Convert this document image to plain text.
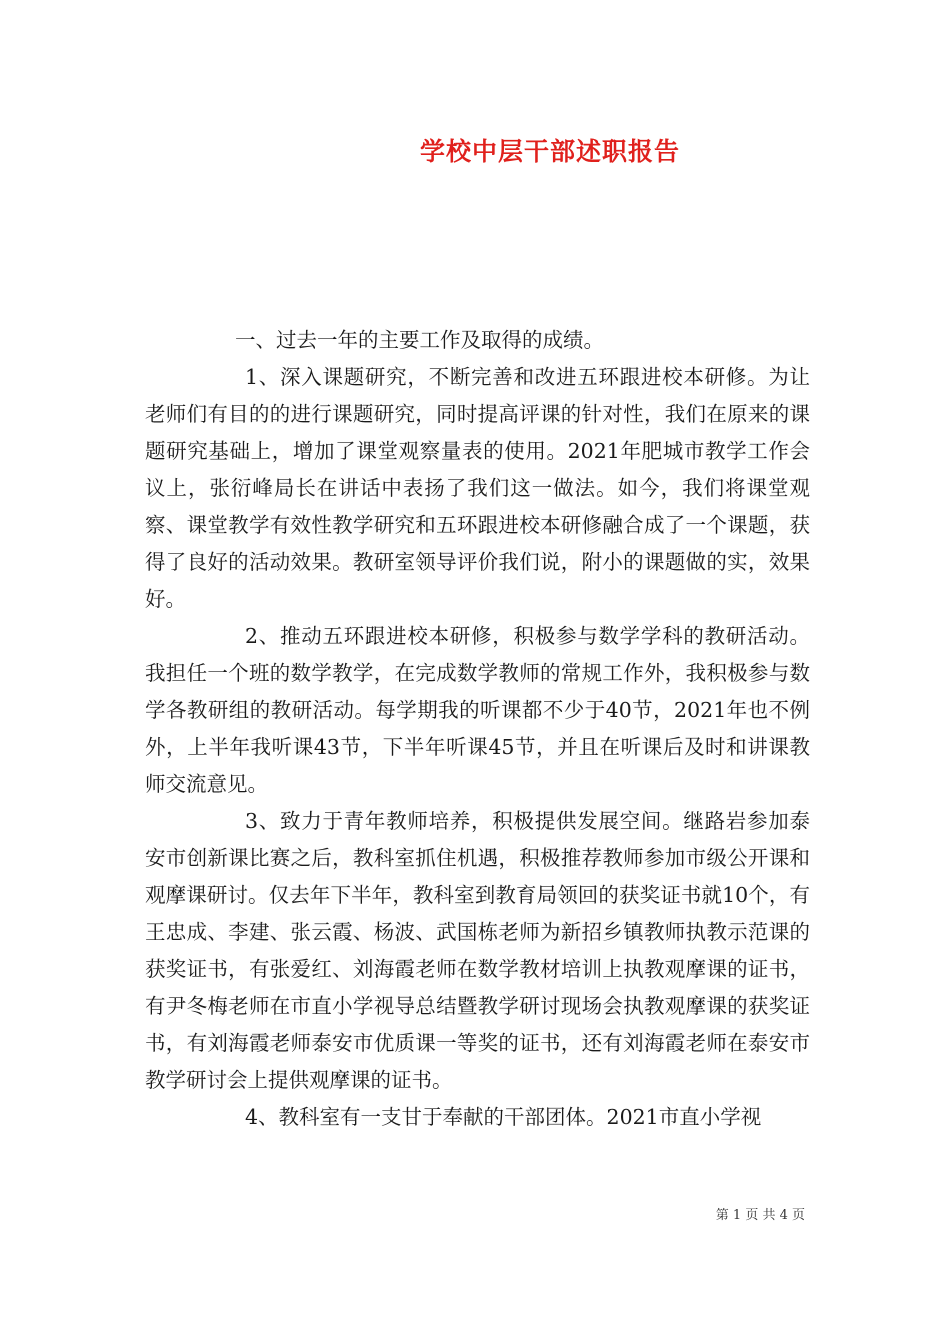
学校中层干部述职报告

一、过去一年的主要工作及取得的成绩。

1、深入课题研究，不断完善和改进五环跟进校本研修。为让老师们有目的的进行课题研究，同时提高评课的针对性，我们在原来的课题研究基础上，增加了课堂观察量表的使用。2021年肥城市教学工作会议上，张衍峰局长在讲话中表扬了我们这一做法。如今，我们将课堂观察、课堂教学有效性教学研究和五环跟进校本研修融合成了一个课题，获得了良好的活动效果。教研室领导评价我们说，附小的课题做的实，效果好。

2、推动五环跟进校本研修，积极参与数学学科的教研活动。我担任一个班的数学教学，在完成数学教师的常规工作外，我积极参与数学各教研组的教研活动。每学期我的听课都不少于40节，2021年也不例外，上半年我听课43节，下半年听课45节，并且在听课后及时和讲课教师交流意见。

3、致力于青年教师培养，积极提供发展空间。继路岩参加泰安市创新课比赛之后，教科室抓住机遇，积极推荐教师参加市级公开课和观摩课研讨。仅去年下半年，教科室到教育局领回的获奖证书就10个，有王忠成、李建、张云霞、杨波、武国栋老师为新招乡镇教师执教示范课的获奖证书，有张爱红、刘海霞老师在数学教材培训上执教观摩课的证书，有尹冬梅老师在市直小学视导总结暨教学研讨现场会执教观摩课的获奖证书，有刘海霞老师泰安市优质课一等奖的证书，还有刘海霞老师在泰安市教学研讨会上提供观摩课的证书。

4、教科室有一支甘于奉献的干部团体。2021市直小学视

第 1 页 共 4 页
